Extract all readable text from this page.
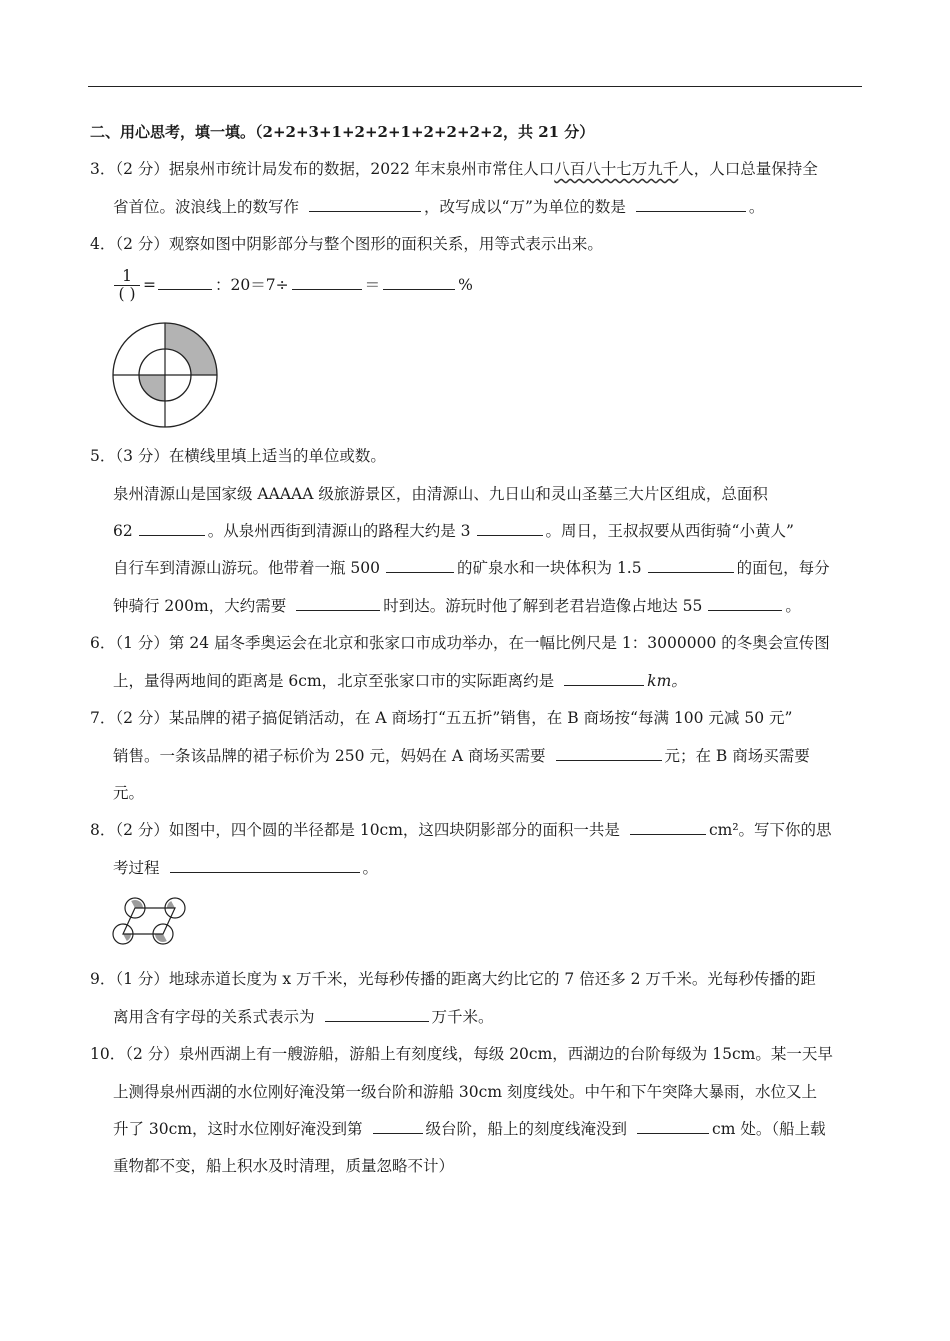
二、用心思考，填一填。（2+2+3+1+2+2+1+2+2+2+2，共 21 分）
3．（2 分）据泉州市统计局发布的数据，2022 年末泉州市常住人口八百八十七万九千人，人口总量保持全
省首位。波浪线上的数写作	，改写成以“万”为单位的数是	。
4．（2 分）观察如图中阴影部分与整个图形的面积关系，用等式表示出来。
1
( ) =	：20＝7÷	＝	%
5．（3 分）在横线里填上适当的单位或数。
泉州清源山是国家级 AAAAA 级旅游景区，由清源山、九日山和灵山圣墓三大片区组成，总面积
62	。从泉州西街到清源山的路程大约是 3	。周日，王叔叔要从西街骑“小黄人”
自行车到清源山游玩。他带着一瓶 500	的矿泉水和一块体积为 1.5	的面包，每分
钟骑行 200m，大约需要	时到达。游玩时他了解到老君岩造像占地达 55	。
6．（1 分）第 24 届冬季奥运会在北京和张家口市成功举办，在一幅比例尺是 1：3000000 的冬奥会宣传图
上，量得两地间的距离是 6cm，北京至张家口市的实际距离约是	km。
7．（2 分）某品牌的裙子搞促销活动，在 A 商场打“五五折”销售，在 B 商场按“每满 100 元减 50 元”
销售。一条该品牌的裙子标价为 250 元，妈妈在 A 商场买需要	元；在 B 商场买需要
元。
8．（2 分）如图中，四个圆的半径都是 10cm，这四块阴影部分的面积一共是	cm²。写下你的思
考过程	。
9．（1 分）地球赤道长度为 x 万千米，光每秒传播的距离大约比它的 7 倍还多 2 万千米。光每秒传播的距
离用含有字母的关系式表示为	万千米。
10．（2 分）泉州西湖上有一艘游船，游船上有刻度线，每级 20cm，西湖边的台阶每级为 15cm。某一天早
上测得泉州西湖的水位刚好淹没第一级台阶和游船 30cm 刻度线处。中午和下午突降大暴雨，水位又上
升了 30cm，这时水位刚好淹没到第	级台阶，船上的刻度线淹没到	cm 处。（船上载
重物都不变，船上积水及时清理，质量忽略不计）
